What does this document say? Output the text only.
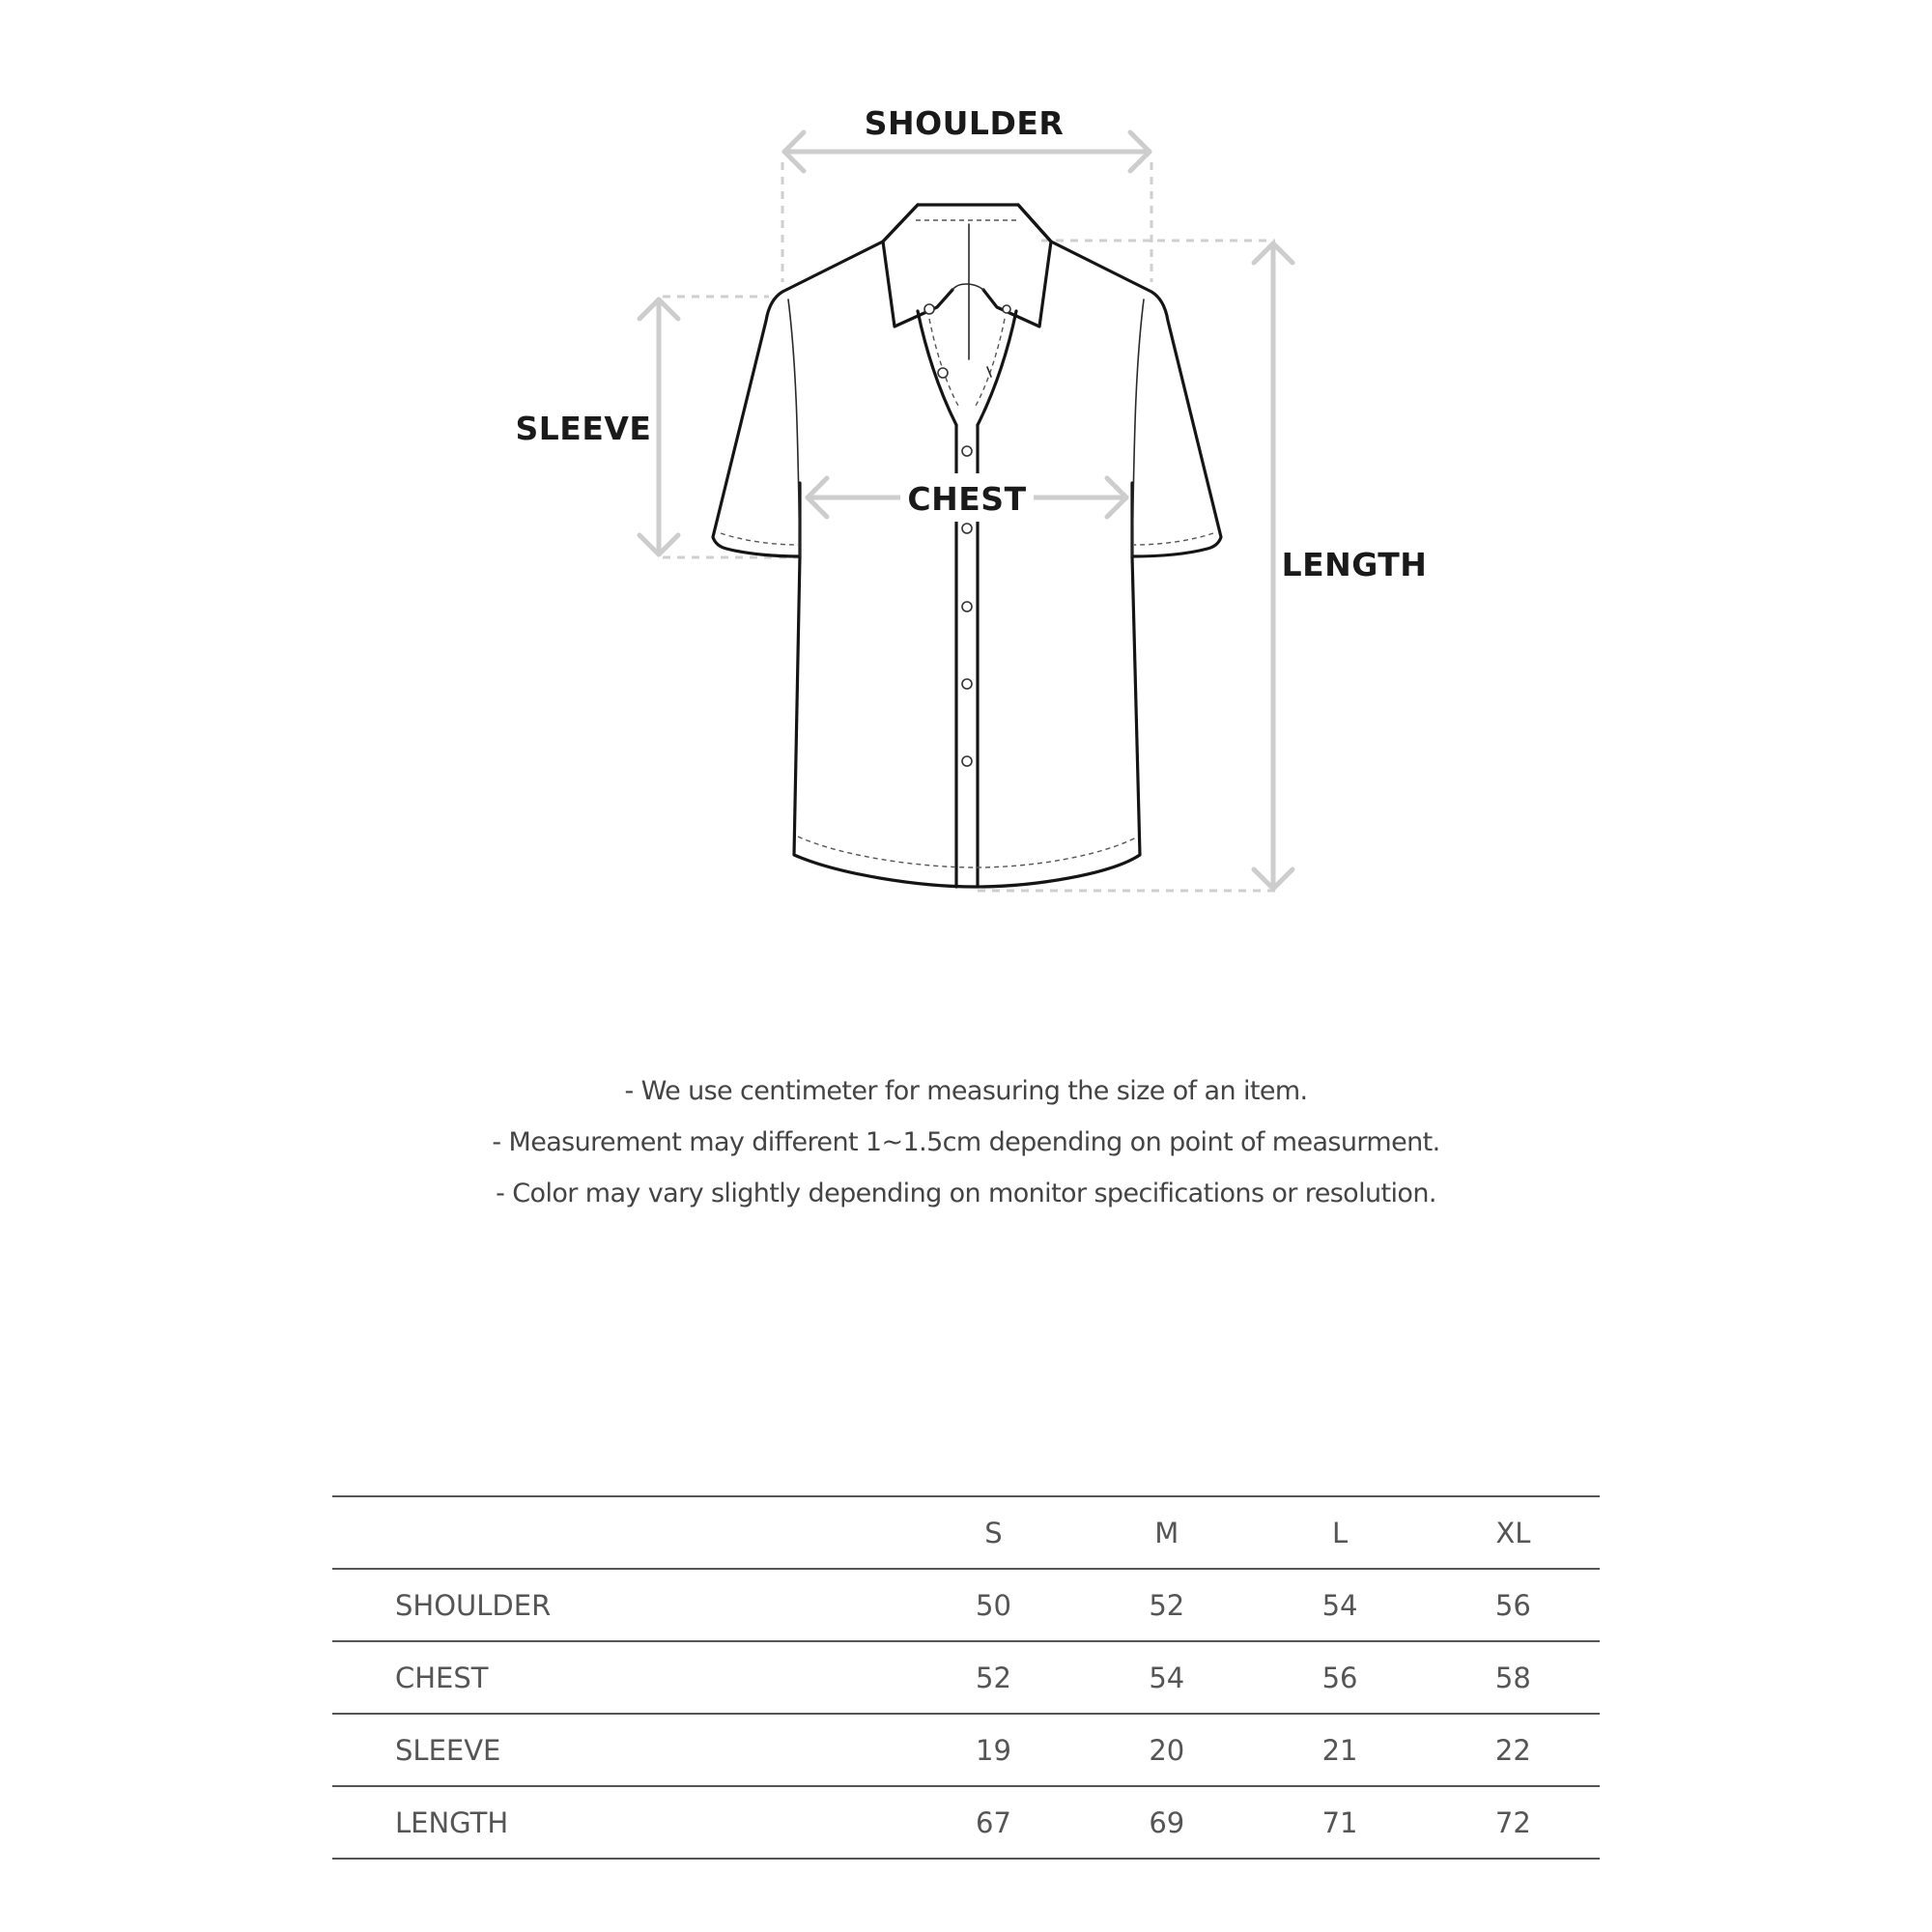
SHOULDER
SLEEVE
CHEST
LENGTH
- We use centimeter for measuring the size of an item.
- Measurement may different 1~1.5cm depending on point of measurment.
- Color may vary slightly depending on monitor specifications or resolution.
	S	M	L	XL
SHOULDER	50	52	54	56
CHEST	52	54	56	58
SLEEVE	19	20	21	22
LENGTH	67	69	71	72
